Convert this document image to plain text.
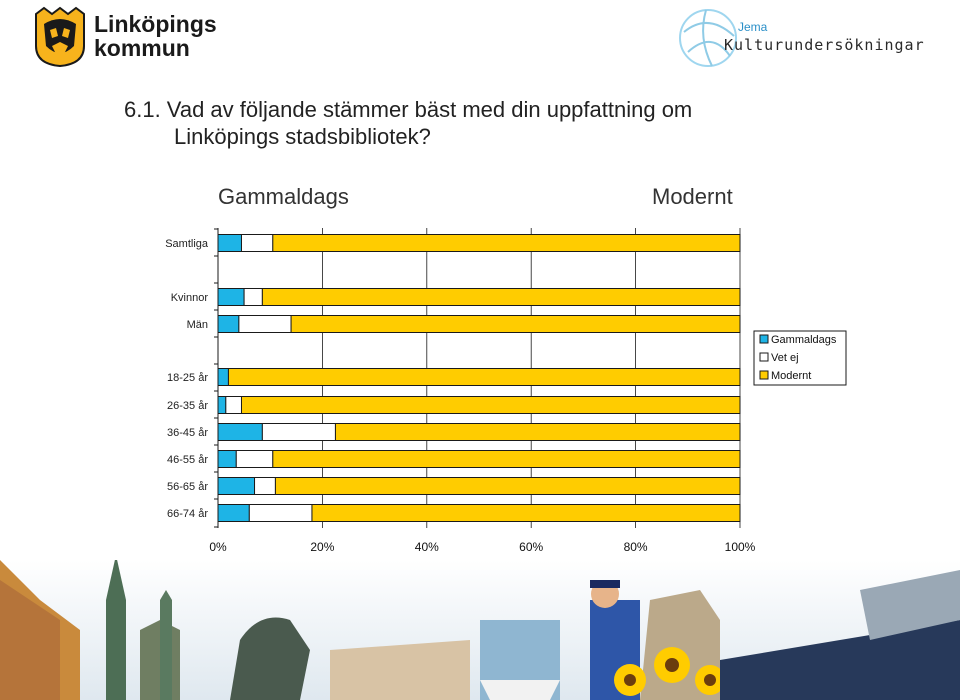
Linköpings
kommun
Jema
Kulturundersökningar
6.1. Vad av följande stämmer bäst med din uppfattning om
Linköpings stadsbibliotek?
Gammaldags	Modernt
Samtliga
Kvinnor
Män
18-25 år
26-35 år
36-45 år
46-55 år
56-65 år
66-74 år
0%	20%	40%	60%	80%	100%
Gammaldags
Vet ej
Modernt
